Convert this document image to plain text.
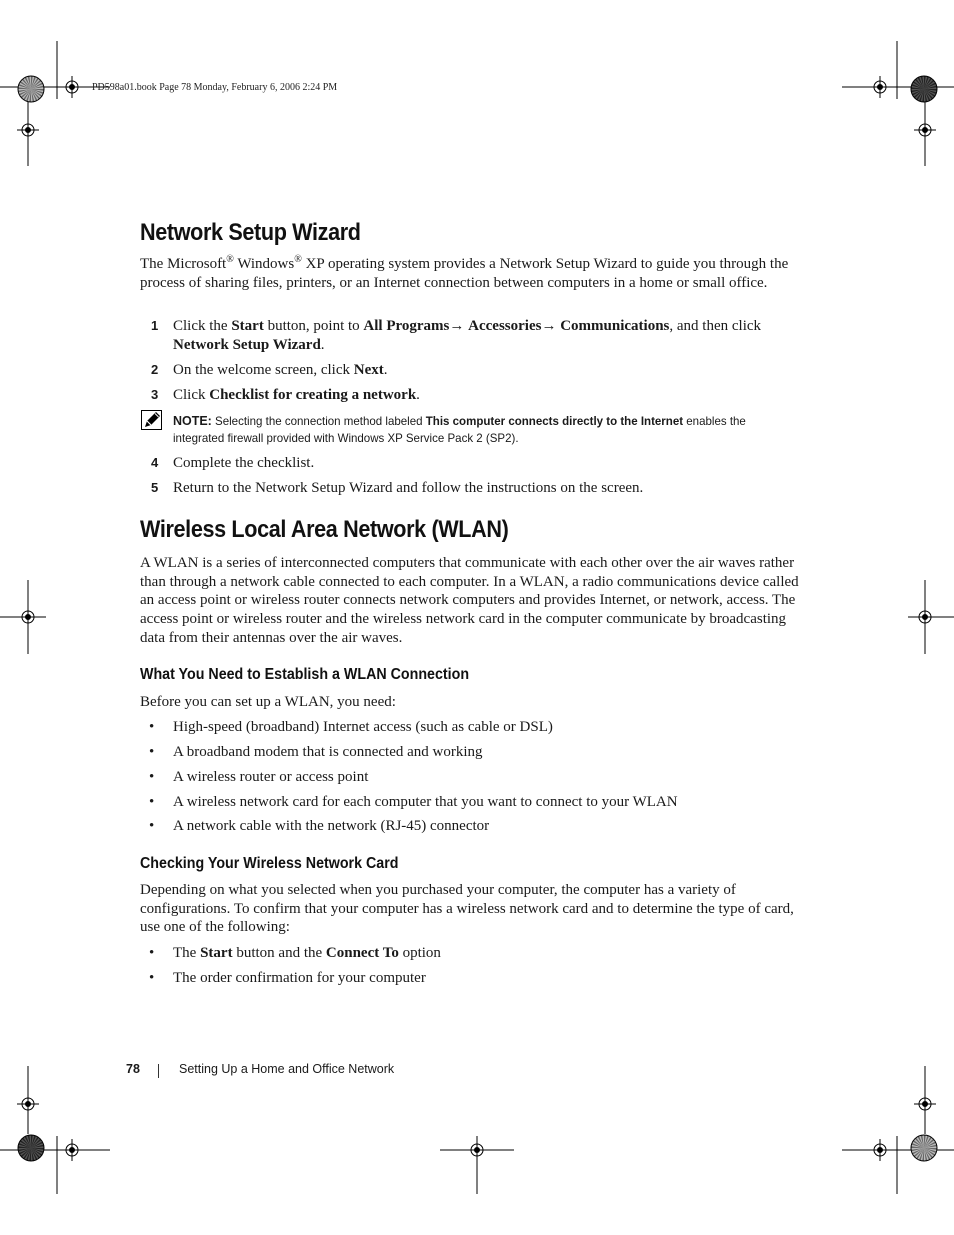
PD598a01.book Page 78 Monday, February 6, 2006 2:24 PM
Network Setup Wizard

The Microsoft® Windows® XP operating system provides a Network Setup Wizard to guide you through the process of sharing files, printers, or an Internet connection between computers in a home or small office.

1 Click the Start button, point to All Programs→ Accessories→ Communications, and then click Network Setup Wizard.
2 On the welcome screen, click Next.
3 Click Checklist for creating a network.
NOTE: Selecting the connection method labeled This computer connects directly to the Internet enables the integrated firewall provided with Windows XP Service Pack 2 (SP2).
4 Complete the checklist.
5 Return to the Network Setup Wizard and follow the instructions on the screen.
Wireless Local Area Network (WLAN)

A WLAN is a series of interconnected computers that communicate with each other over the air waves rather than through a network cable connected to each computer. In a WLAN, a radio communications device called an access point or wireless router connects network computers and provides Internet, or network, access. The access point or wireless router and the wireless network card in the computer communicate by broadcasting data from their antennas over the air waves.

What You Need to Establish a WLAN Connection

Before you can set up a WLAN, you need:

• High-speed (broadband) Internet access (such as cable or DSL)
• A broadband modem that is connected and working
• A wireless router or access point
• A wireless network card for each computer that you want to connect to your WLAN
• A network cable with the network (RJ-45) connector
Checking Your Wireless Network Card

Depending on what you selected when you purchased your computer, the computer has a variety of configurations. To confirm that your computer has a wireless network card and to determine the type of card, use one of the following:

• The Start button and the Connect To option
• The order confirmation for your computer
78	Setting Up a Home and Office Network
